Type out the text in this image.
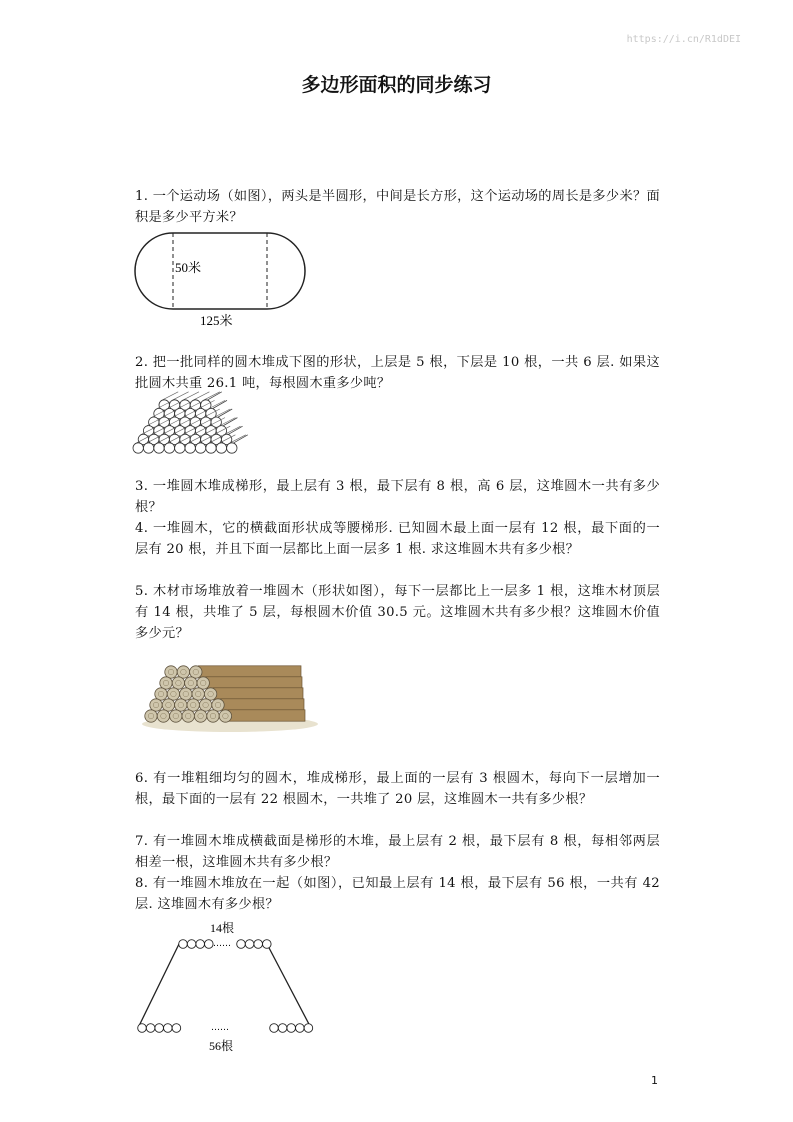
https://i.cn/R1dDEI
多边形面积的同步练习
1. 一个运动场（如图），两头是半圆形，中间是长方形，这个运动场的周长是多少米？面积是多少平方米？
50米
125米
2. 把一批同样的圆木堆成下图的形状，上层是 5 根，下层是 10 根，一共 6 层. 如果这批圆木共重 26.1 吨，每根圆木重多少吨？
3. 一堆圆木堆成梯形，最上层有 3 根，最下层有 8 根，高 6 层，这堆圆木一共有多少根？
4. 一堆圆木，它的横截面形状成等腰梯形. 已知圆木最上面一层有 12 根，最下面的一层有 20 根，并且下面一层都比上面一层多 1 根. 求这堆圆木共有多少根？
5. 木材市场堆放着一堆圆木（形状如图），每下一层都比上一层多 1 根，这堆木材顶层有 14 根，共堆了 5 层，每根圆木价值 30.5 元。这堆圆木共有多少根？这堆圆木价值多少元？
6. 有一堆粗细均匀的圆木，堆成梯形，最上面的一层有 3 根圆木，每向下一层增加一根，最下面的一层有 22 根圆木，一共堆了 20 层，这堆圆木一共有多少根？
7. 有一堆圆木堆成横截面是梯形的木堆，最上层有 2 根，最下层有 8 根，每相邻两层相差一根，这堆圆木共有多少根？
8. 有一堆圆木堆放在一起（如图），已知最上层有 14 根，最下层有 56 根，一共有 42 层. 这堆圆木有多少根？
14根
……
……
56根
1
